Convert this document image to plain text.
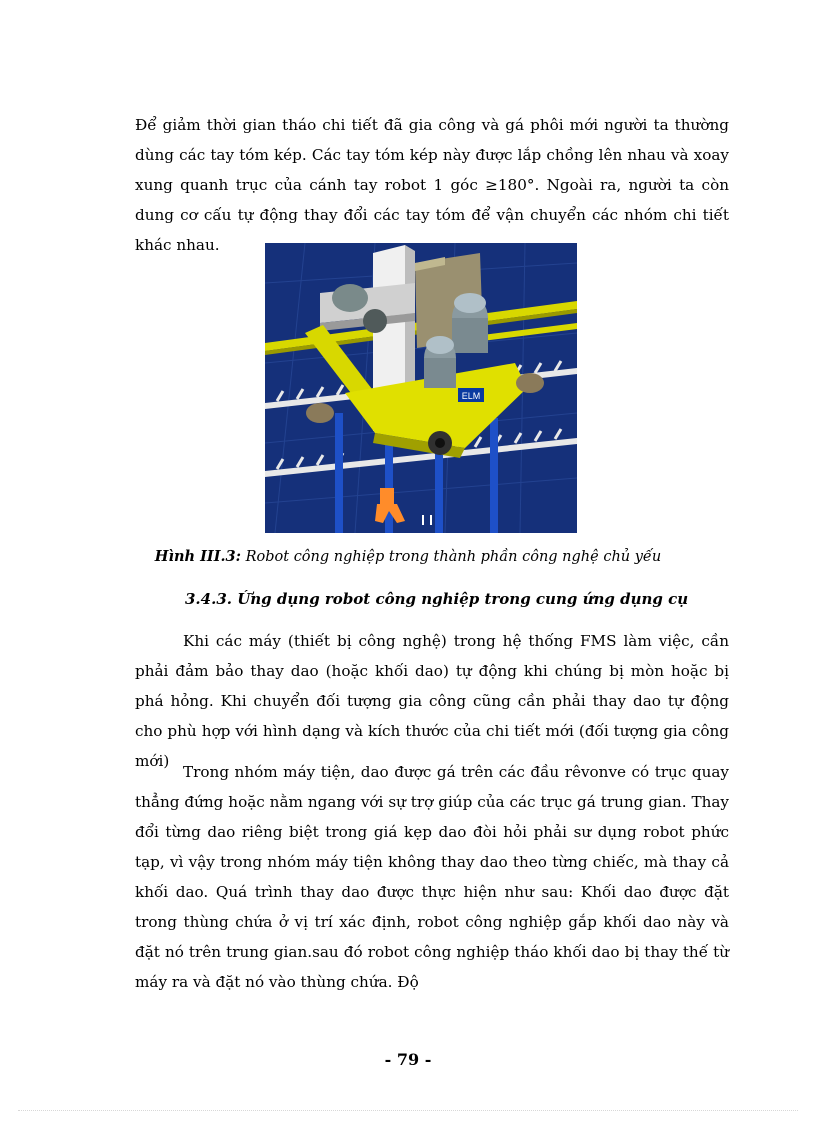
Để giảm thời gian tháo chi tiết đã gia công và gá phôi mới người ta thường dùng các tay tóm kép. Các tay tóm kép này được lắp chồng lên nhau và xoay xung quanh trục của cánh tay robot 1 góc ≥180°. Ngoài ra, người ta còn dung cơ cấu tự động thay đổi các tay tóm để vận chuyển các nhóm chi tiết khác nhau.

ELM
Hình III.3: Robot công nghiệp trong thành phần công nghệ chủ yếu
3.4.3. Ứng dụng robot công nghiệp trong cung ứng dụng cụ

Khi các máy (thiết bị công nghệ) trong hệ thống FMS làm việc, cần phải đảm bảo thay dao (hoặc khối dao) tự động khi chúng bị mòn hoặc bị phá hỏng. Khi chuyển đối tượng gia công cũng cần phải thay dao tự động cho phù hợp với hình dạng và kích thước của chi tiết mới (đối tượng gia công mới)

Trong nhóm máy tiện, dao được gá trên các đầu rêvonve có trục quay thẳng đứng hoặc nằm ngang với sự trợ giúp của các trục gá trung gian. Thay đổi từng dao riêng biệt trong giá kẹp dao đòi hỏi phải sư dụng robot phức tạp, vì vậy trong nhóm máy tiện không thay dao theo từng chiếc, mà thay cả khối dao. Quá trình thay dao được thực hiện như sau: Khối dao được đặt trong thùng chứa ở vị trí xác định, robot công nghiệp gắp khối dao này và đặt nó trên trung gian.sau đó robot công nghiệp tháo khối dao bị thay thế từ máy ra và đặt nó vào thùng chứa. Độ

- 79 -
